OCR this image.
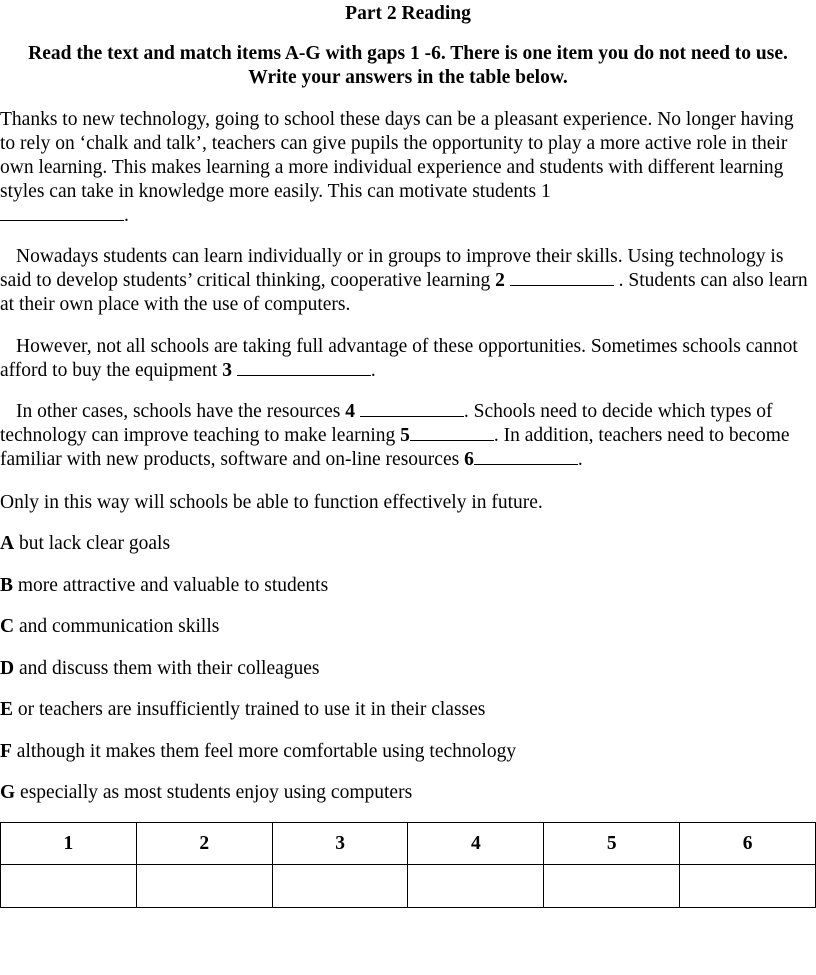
Part 2 Reading
Read the text and match items A-G with gaps 1 -6. There is one item you do not need to use. Write your answers in the table below.

Thanks to new technology, going to school these days can be a pleasant experience. No longer having to rely on ‘chalk and talk’, teachers can give pupils the opportunity to play a more active role in their own learning. This makes learning a more individual experience and students with different learning styles can take in knowledge more easily. This can motivate students 1
.

Nowadays students can learn individually or in groups to improve their skills. Using technology is said to develop students’ critical thinking, cooperative learning 2	. Students can also learn at their own place with the use of computers.

However, not all schools are taking full advantage of these opportunities. Sometimes schools cannot afford to buy the equipment 3	.

In other cases, schools have the resources 4	. Schools need to decide which types of technology can improve teaching to make learning 5	. In addition, teachers need to become familiar with new products, software and on-line resources 6	.

Only in this way will schools be able to function effectively in future.

A but lack clear goals
B more attractive and valuable to students
C and communication skills
D and discuss them with their colleagues
E or teachers are insufficiently trained to use it in their classes
F although it makes them feel more comfortable using technology
G especially as most students enjoy using computers
1	2	3	4	5	6
